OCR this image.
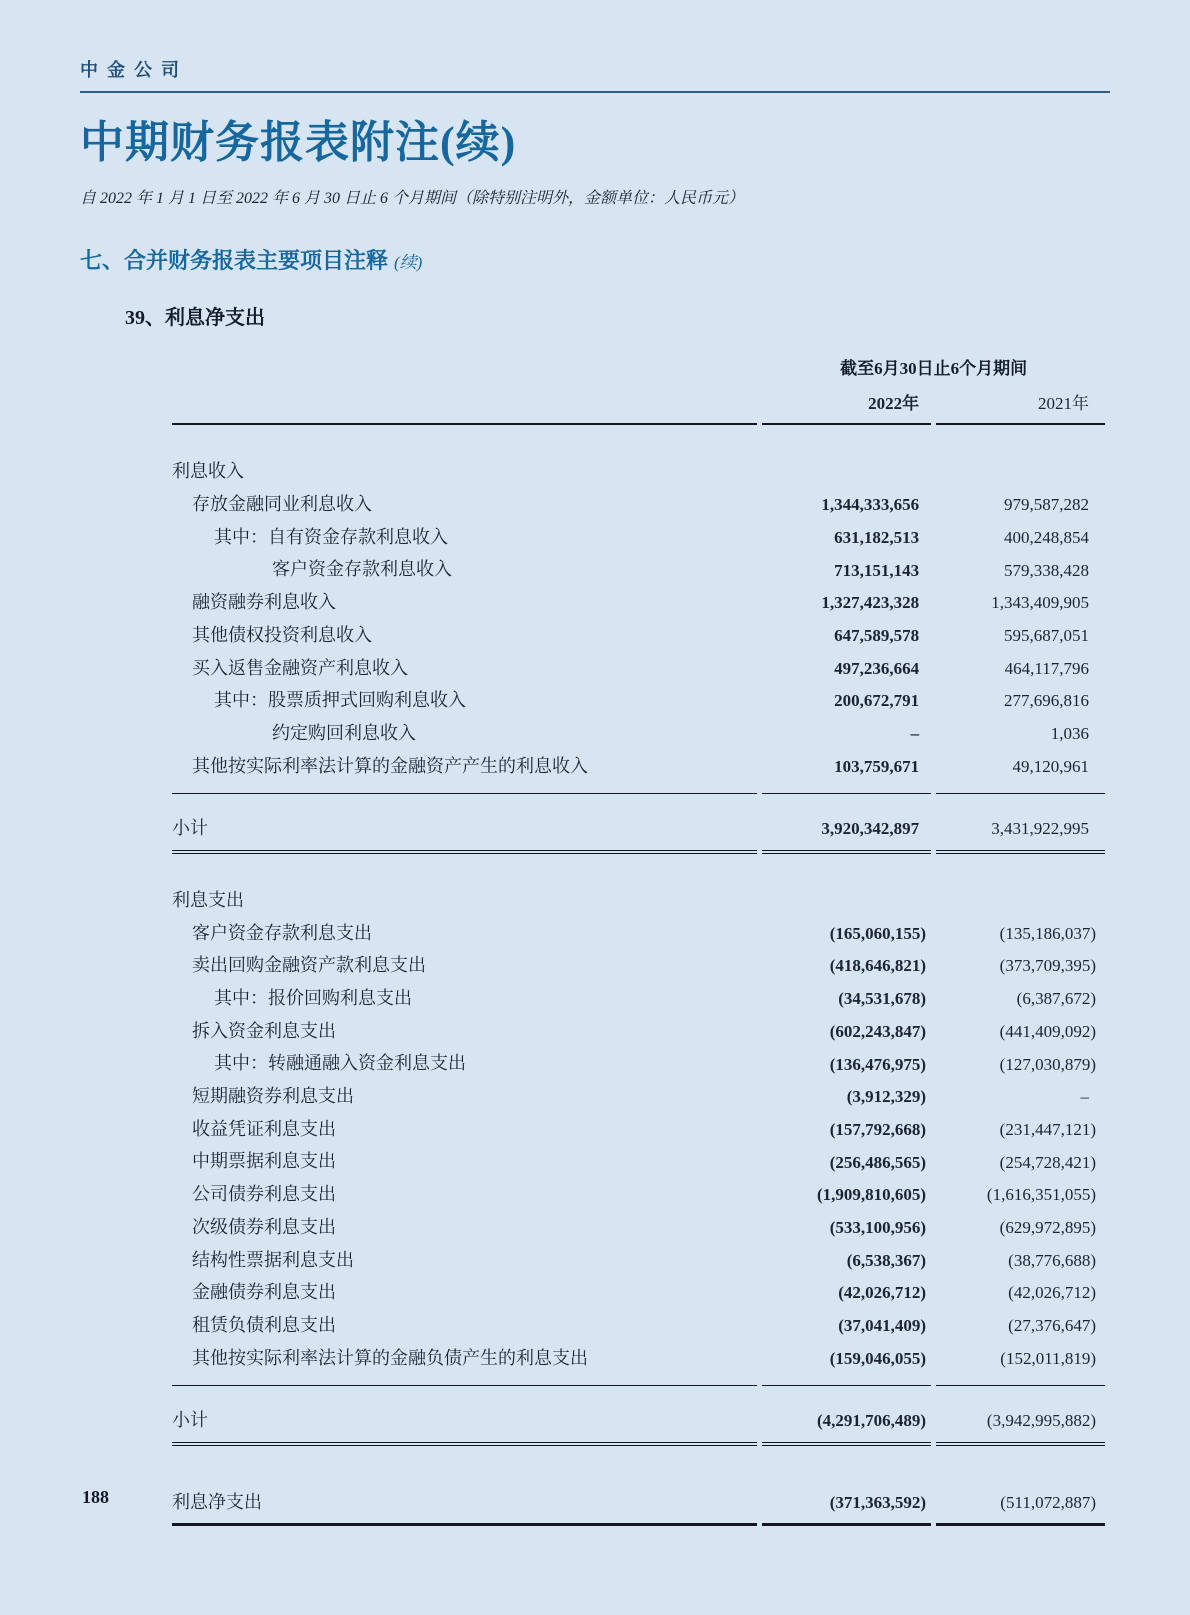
中金公司
中期财务报表附注(续)

自 2022 年 1 月 1 日至 2022 年 6 月 30 日止 6 个月期间（除特别注明外，金额单位：人民币元）

七、合并财务报表主要项目注释 (续)
39、利息净支出
	截至6月30日止6个月期间	
	2022年	2021年
利息收入		
存放金融同业利息收入	1,344,333,656	979,587,282
其中：自有资金存款利息收入	631,182,513	400,248,854
客户资金存款利息收入	713,151,143	579,338,428
融资融券利息收入	1,327,423,328	1,343,409,905
其他债权投资利息收入	647,589,578	595,687,051
买入返售金融资产利息收入	497,236,664	464,117,796
其中：股票质押式回购利息收入	200,672,791	277,696,816
约定购回利息收入	–	1,036
其他按实际利率法计算的金融资产产生的利息收入	103,759,671	49,120,961
小计	3,920,342,897	3,431,922,995
利息支出		
客户资金存款利息支出	(165,060,155)	(135,186,037)
卖出回购金融资产款利息支出	(418,646,821)	(373,709,395)
其中：报价回购利息支出	(34,531,678)	(6,387,672)
拆入资金利息支出	(602,243,847)	(441,409,092)
其中：转融通融入资金利息支出	(136,476,975)	(127,030,879)
短期融资券利息支出	(3,912,329)	–
收益凭证利息支出	(157,792,668)	(231,447,121)
中期票据利息支出	(256,486,565)	(254,728,421)
公司债券利息支出	(1,909,810,605)	(1,616,351,055)
次级债券利息支出	(533,100,956)	(629,972,895)
结构性票据利息支出	(6,538,367)	(38,776,688)
金融债券利息支出	(42,026,712)	(42,026,712)
租赁负债利息支出	(37,041,409)	(27,376,647)
其他按实际利率法计算的金融负债产生的利息支出	(159,046,055)	(152,011,819)
小计	(4,291,706,489)	(3,942,995,882)
利息净支出	(371,363,592)	(511,072,887)
188
